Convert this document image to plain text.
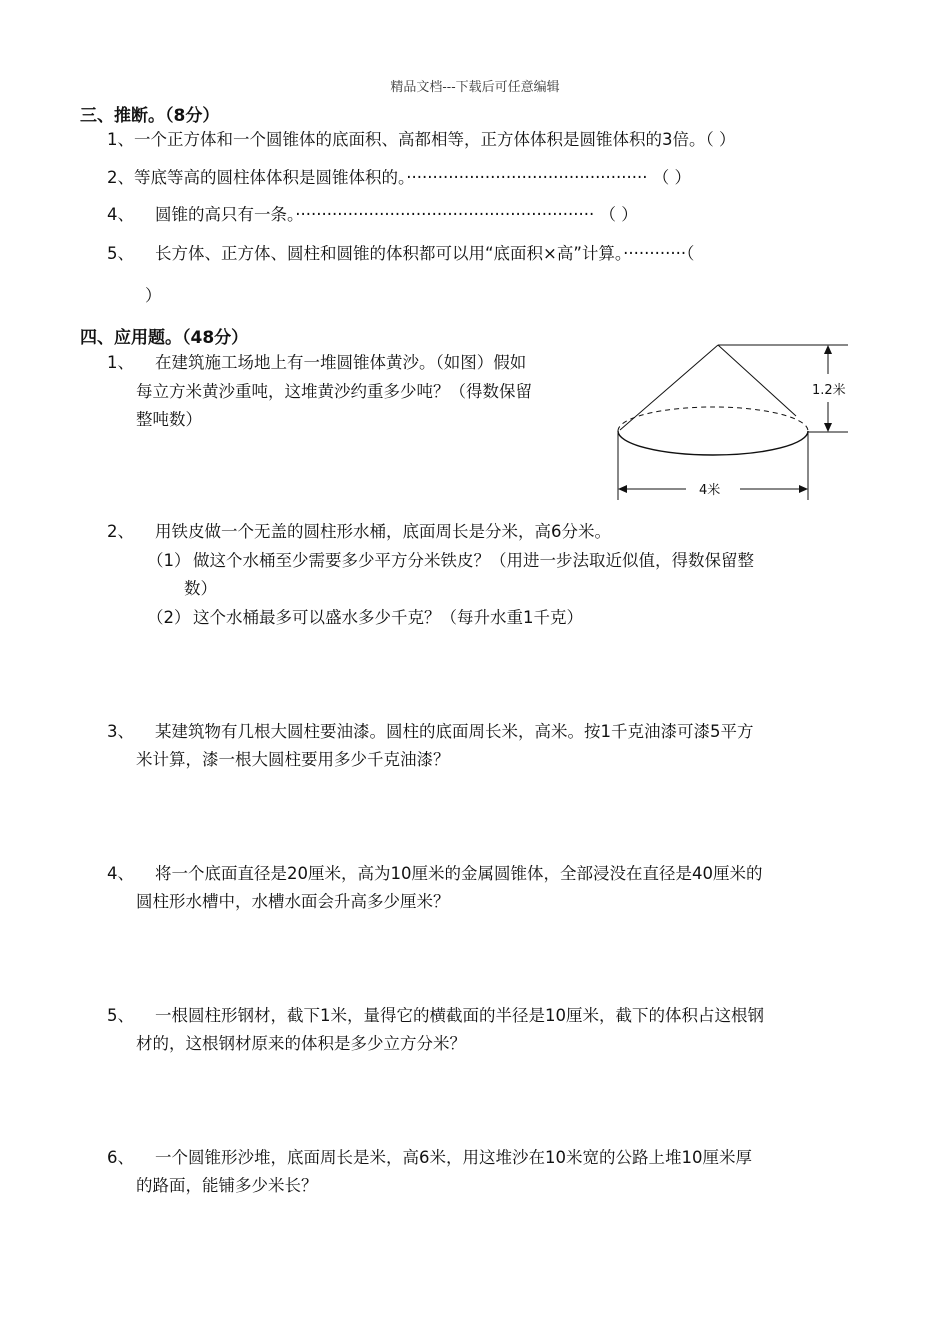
精品文档---下载后可任意编辑
三、推断。（8分）
1、一个正方体和一个圆锥体的底面积、高都相等，正方体体积是圆锥体积的3倍。（ ）
2、等底等高的圆柱体体积是圆锥体积的。·············································· （ ）
4、 圆锥的高只有一条。························································· （ ）
5、 长方体、正方体、圆柱和圆锥的体积都可以用“底面积×高”计算。············（
）
四、应用题。（48分）
1、 在建筑施工场地上有一堆圆锥体黄沙。（如图）假如
每立方米黄沙重吨，这堆黄沙约重多少吨？（得数保留
整吨数）
1.2米
4米
2、 用铁皮做一个无盖的圆柱形水桶，底面周长是分米，高6分米。
（1） 做这个水桶至少需要多少平方分米铁皮？（用进一步法取近似值，得数保留整
数）
（2） 这个水桶最多可以盛水多少千克？（每升水重1千克）
3、 某建筑物有几根大圆柱要油漆。圆柱的底面周长米，高米。按1千克油漆可漆5平方
米计算，漆一根大圆柱要用多少千克油漆？
4、 将一个底面直径是20厘米，高为10厘米的金属圆锥体，全部浸没在直径是40厘米的
圆柱形水槽中，水槽水面会升高多少厘米？
5、 一根圆柱形钢材，截下1米，量得它的横截面的半径是10厘米，截下的体积占这根钢
材的，这根钢材原来的体积是多少立方分米？
6、 一个圆锥形沙堆，底面周长是米，高6米，用这堆沙在10米宽的公路上堆10厘米厚
的路面，能铺多少米长？
